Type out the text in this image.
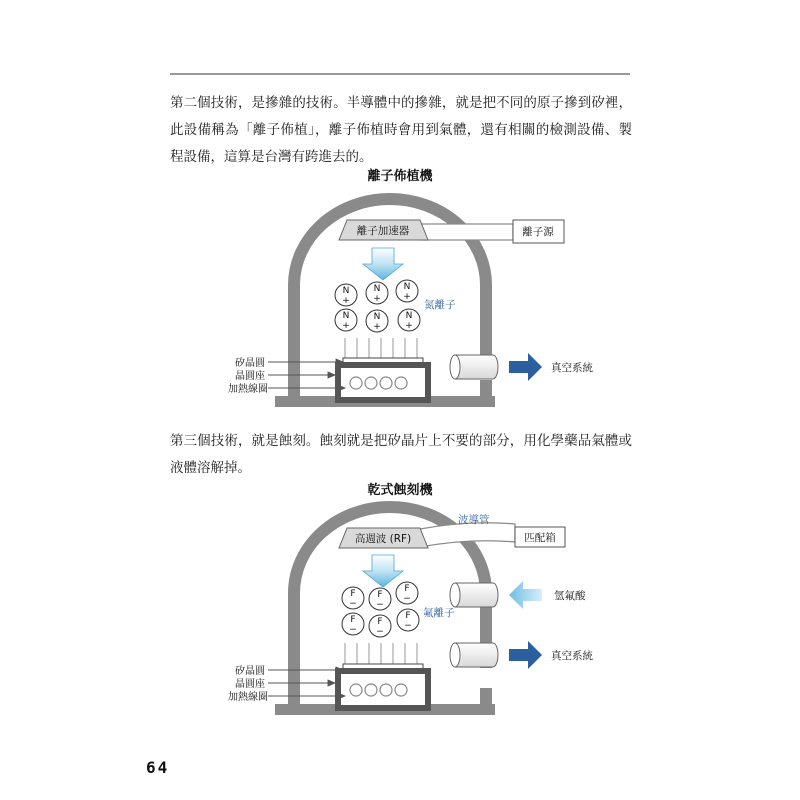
第二個技術，是摻雜的技術。半導體中的摻雜，就是把不同的原子摻到矽裡，此設備稱為「離子佈植」，離子佈植時會用到氣體，還有相關的檢測設備、製程設備，這算是台灣有跨進去的。

離子佈植機
離子加速器	離子源
N
+
N
+
N
+
N
+
N
+
N
+
氮離子
真空系統
矽晶圓
晶圓座
加熱線圈

第三個技術，就是蝕刻。蝕刻就是把矽晶片上不要的部分，用化學藥品氣體或液體溶解掉。

乾式蝕刻機
波導管
高週波 (RF)	匹配箱
F
−
F
−
F
−
F
−
F
−
F
−
氟離子
氫氟酸
真空系統
矽晶圓
晶圓座
加熱線圈
64
